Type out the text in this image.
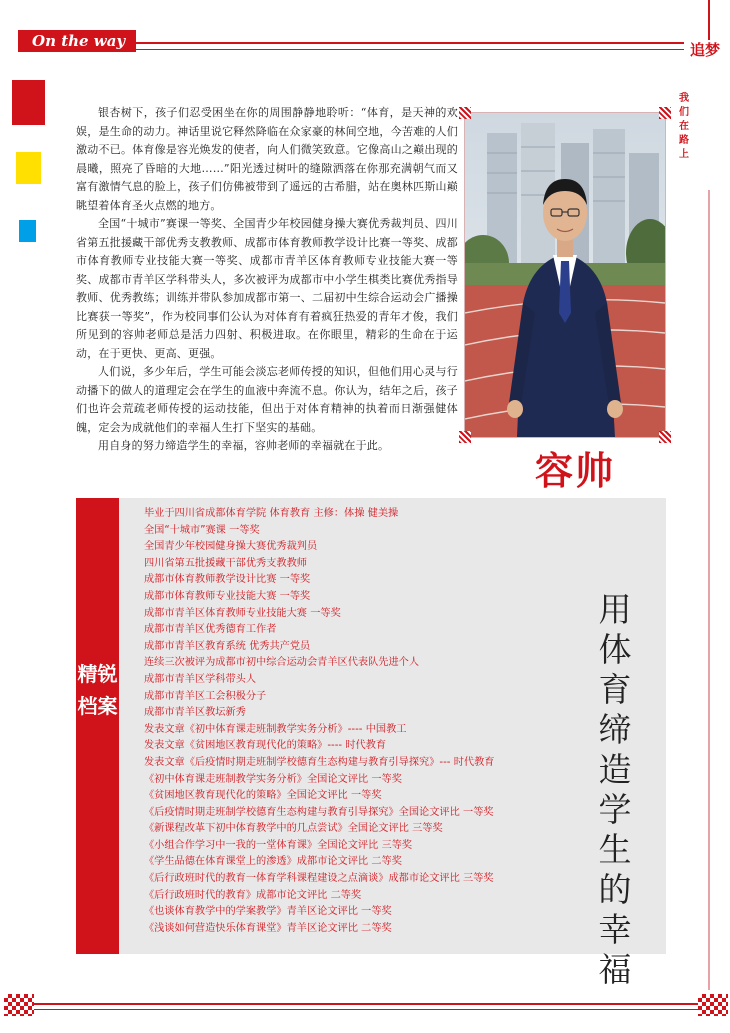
On the way	追梦
我们在路上

银杏树下，孩子们忍受困坐在你的周围静静地聆听：“体育，是天神的欢娱，是生命的动力。神话里说它释然降临在众家豪的林间空地，今苦难的人们激动不已。体育像是容光焕发的使者，向人们微笑致意。它像高山之巅出现的晨曦，照亮了昏暗的大地……”阳光透过树叶的缝隙洒落在你那充满朝气而又富有激情气息的脸上，孩子们仿佛被带到了遥远的古希腊，站在奥林匹斯山巅眺望着体育圣火点燃的地方。

全国“十城市”赛课一等奖、全国青少年校园健身操大赛优秀裁判员、四川省第五批援藏干部优秀支教教师、成都市体育教师教学设计比赛一等奖、成都市体育教师专业技能大赛一等奖、成都市青羊区体育教师专业技能大赛一等奖、成都市青羊区学科带头人，多次被评为成都市中小学生棋类比赛优秀指导教师、优秀教练；训练并带队参加成都市第一、二届初中生综合运动会广播操比赛获一等奖”，作为校同事们公认为对体育有着疯狂热爱的青年才俊，我们所见到的容帅老师总是活力四射、积极进取。在你眼里，精彩的生命在于运动，在于更快、更高、更强。

人们说，多少年后，学生可能会淡忘老师传授的知识，但他们用心灵与行动播下的做人的道理定会在学生的血液中奔流不息。你认为，结年之后，孩子们也许会荒疏老师传授的运动技能，但出于对体育精神的执着而日渐强健体魄，定会为成就他们的幸福人生打下坚实的基础。

用自身的努力缔造学生的幸福，容帅老师的幸福就在于此。

容帅
精锐档案
毕业于四川省成都体育学院 体育教育 主修：体操 健美操
全国“十城市”赛课 一等奖
全国青少年校园健身操大赛优秀裁判员
四川省第五批援藏干部优秀支教教师
成都市体育教师教学设计比赛 一等奖
成都市体育教师专业技能大赛 一等奖
成都市青羊区体育教师专业技能大赛 一等奖
成都市青羊区优秀德育工作者
成都市青羊区教育系统 优秀共产党员
连续三次被评为成都市初中综合运动会青羊区代表队先进个人
成都市青羊区学科带头人
成都市青羊区工会积极分子
成都市青羊区教坛新秀
发表文章《初中体育课走班制教学实务分析》---- 中国教工
发表文章《贫困地区教育现代化的策略》---- 时代教育
发表文章《后疫情时期走班制学校德育生态构建与教育引导探究》--- 时代教育
《初中体育课走班制教学实务分析》全国论文评比 一等奖
《贫困地区教育现代化的策略》全国论文评比 一等奖
《后疫情时期走班制学校德育生态构建与教育引导探究》全国论文评比 一等奖
《新课程改革下初中体育教学中的几点尝试》全国论文评比 三等奖
《小组合作学习中一我的一堂体育课》全国论文评比 三等奖
《学生品德在体育课堂上的渗透》成都市论文评比 二等奖
《后行政班时代的教育一体育学科课程建设之点滴谈》成都市论文评比 三等奖
《后行政班时代的教育》成都市论文评比 二等奖
《也谈体育教学中的学案教学》青羊区论文评比 一等奖
《浅谈如何营造快乐体育课堂》青羊区论文评比 二等奖
用体育缔造学生的幸福
